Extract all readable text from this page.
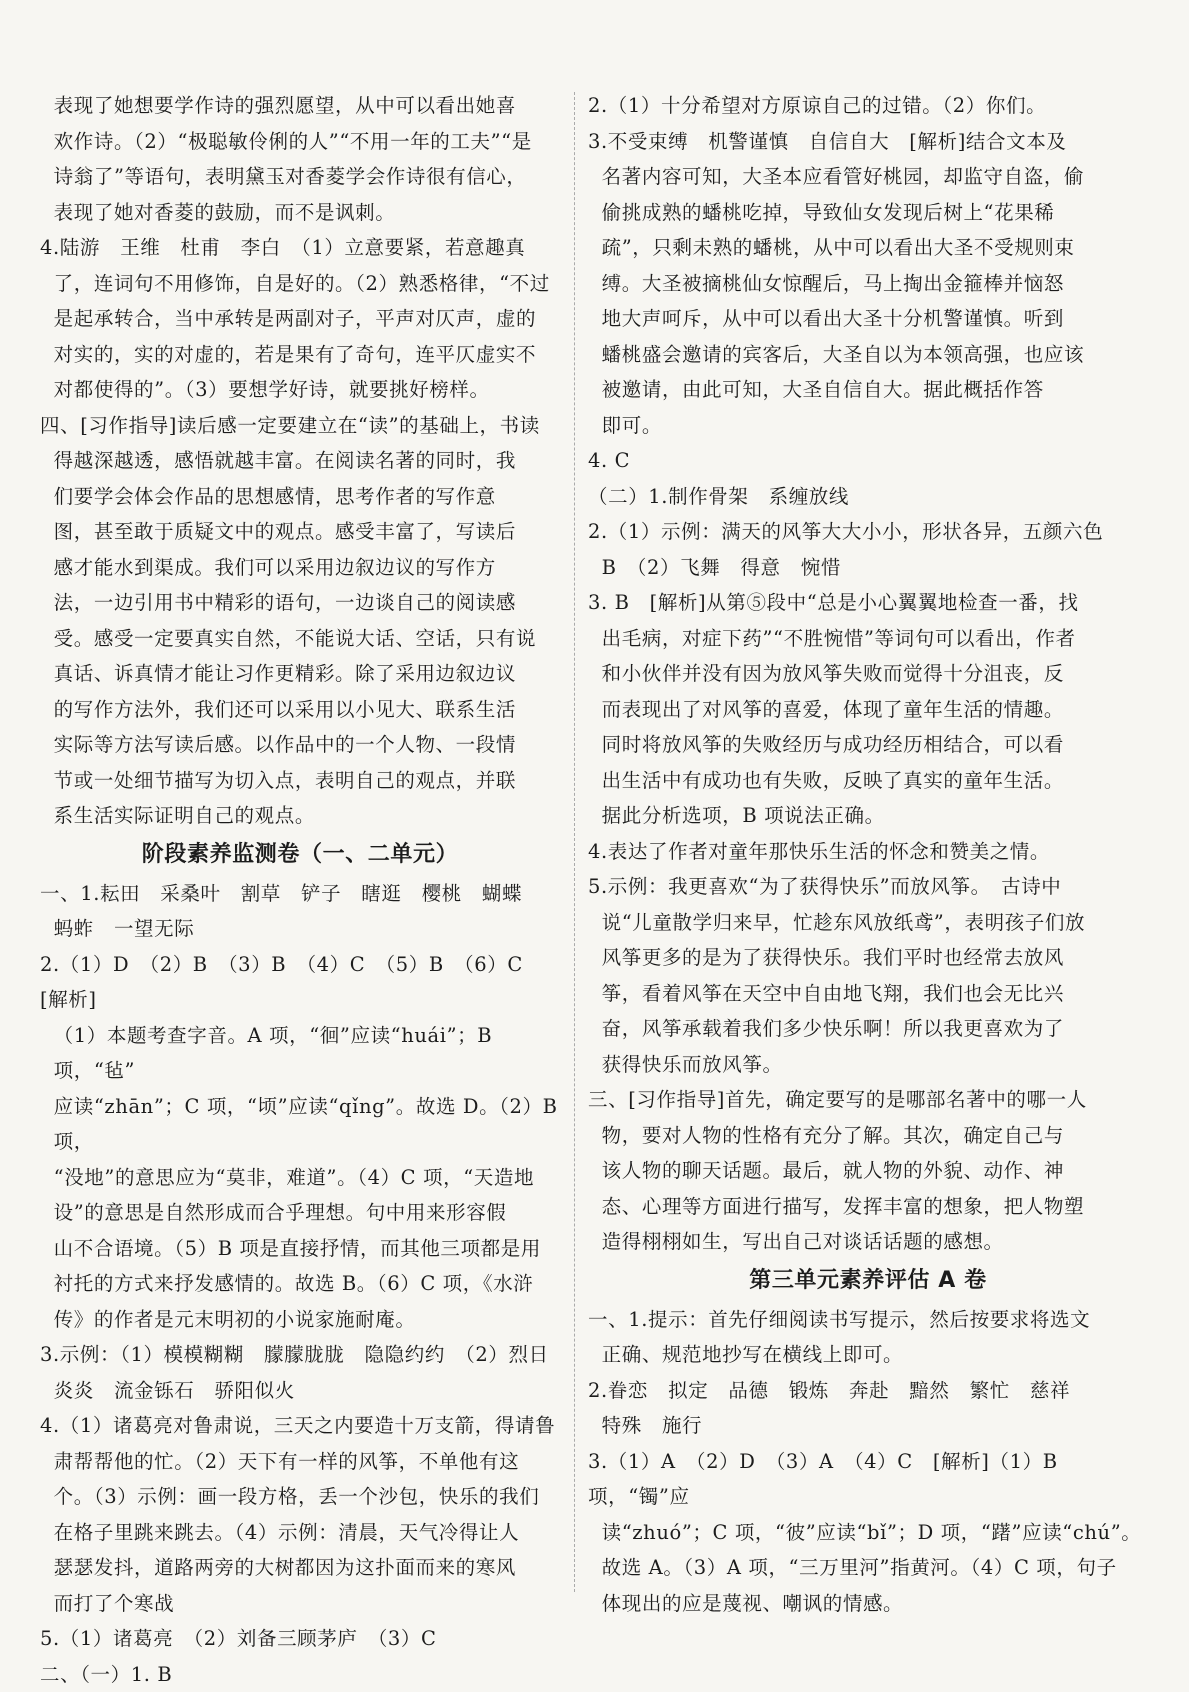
表现了她想要学作诗的强烈愿望，从中可以看出她喜
欢作诗。（2）“极聪敏伶俐的人”“不用一年的工夫”“是
诗翁了”等语句，表明黛玉对香菱学会作诗很有信心，
表现了她对香菱的鼓励，而不是讽刺。
4.陆游　王维　杜甫　李白　（1）立意要紧，若意趣真
了，连词句不用修饰，自是好的。（2）熟悉格律，“不过
是起承转合，当中承转是两副对子，平声对仄声，虚的
对实的，实的对虚的，若是果有了奇句，连平仄虚实不
对都使得的”。（3）要想学好诗，就要挑好榜样。
四、[习作指导]读后感一定要建立在“读”的基础上，书读
得越深越透，感悟就越丰富。在阅读名著的同时，我
们要学会体会作品的思想感情，思考作者的写作意
图，甚至敢于质疑文中的观点。感受丰富了，写读后
感才能水到渠成。我们可以采用边叙边议的写作方
法，一边引用书中精彩的语句，一边谈自己的阅读感
受。感受一定要真实自然，不能说大话、空话，只有说
真话、诉真情才能让习作更精彩。除了采用边叙边议
的写作方法外，我们还可以采用以小见大、联系生活
实际等方法写读后感。以作品中的一个人物、一段情
节或一处细节描写为切入点，表明自己的观点，并联
系生活实际证明自己的观点。
阶段素养监测卷（一、二单元）
一、1.耘田　采桑叶　割草　铲子　瞎逛　樱桃　蝴蝶
蚂蚱　一望无际
2.（1）D　（2）B　（3）B　（4）C　（5）B　（6）C　[解析]
（1）本题考查字音。A 项，“徊”应读“huái”；B 项，“毡”
应读“zhān”；C 项，“顷”应读“qǐng”。故选 D。（2）B 项，
“没地”的意思应为“莫非，难道”。（4）C 项，“天造地
设”的意思是自然形成而合乎理想。句中用来形容假
山不合语境。（5）B 项是直接抒情，而其他三项都是用
衬托的方式来抒发感情的。故选 B。（6）C 项，《水浒
传》的作者是元末明初的小说家施耐庵。
3.示例：（1）模模糊糊　朦朦胧胧　隐隐约约　（2）烈日
炎炎　流金铄石　骄阳似火
4.（1）诸葛亮对鲁肃说，三天之内要造十万支箭，得请鲁
肃帮帮他的忙。（2）天下有一样的风筝，不单他有这
个。（3）示例：画一段方格，丢一个沙包，快乐的我们
在格子里跳来跳去。（4）示例：清晨，天气冷得让人
瑟瑟发抖，道路两旁的大树都因为这扑面而来的寒风
而打了个寒战
5.（1）诸葛亮　（2）刘备三顾茅庐　（3）C
二、（一）1. B
2.（1）十分希望对方原谅自己的过错。（2）你们。
3.不受束缚　机警谨慎　自信自大　[解析]结合文本及
名著内容可知，大圣本应看管好桃园，却监守自盗，偷
偷挑成熟的蟠桃吃掉，导致仙女发现后树上“花果稀
疏”，只剩未熟的蟠桃，从中可以看出大圣不受规则束
缚。大圣被摘桃仙女惊醒后，马上掏出金箍棒并恼怒
地大声呵斥，从中可以看出大圣十分机警谨慎。听到
蟠桃盛会邀请的宾客后，大圣自以为本领高强，也应该
被邀请，由此可知，大圣自信自大。据此概括作答
即可。
4. C
（二）1.制作骨架　系缠放线
2.（1）示例：满天的风筝大大小小，形状各异，五颜六色
B　（2）飞舞　得意　惋惜
3. B　[解析]从第⑤段中“总是小心翼翼地检查一番，找
出毛病，对症下药”“不胜惋惜”等词句可以看出，作者
和小伙伴并没有因为放风筝失败而觉得十分沮丧，反
而表现出了对风筝的喜爱，体现了童年生活的情趣。
同时将放风筝的失败经历与成功经历相结合，可以看
出生活中有成功也有失败，反映了真实的童年生活。
据此分析选项，B 项说法正确。
4.表达了作者对童年那快乐生活的怀念和赞美之情。
5.示例：我更喜欢“为了获得快乐”而放风筝。　古诗中
说“儿童散学归来早，忙趁东风放纸鸢”，表明孩子们放
风筝更多的是为了获得快乐。我们平时也经常去放风
筝，看着风筝在天空中自由地飞翔，我们也会无比兴
奋，风筝承载着我们多少快乐啊！所以我更喜欢为了
获得快乐而放风筝。
三、[习作指导]首先，确定要写的是哪部名著中的哪一人
物，要对人物的性格有充分了解。其次，确定自己与
该人物的聊天话题。最后，就人物的外貌、动作、神
态、心理等方面进行描写，发挥丰富的想象，把人物塑
造得栩栩如生，写出自己对谈话话题的感想。
第三单元素养评估 A 卷
一、1.提示：首先仔细阅读书写提示，然后按要求将选文
正确、规范地抄写在横线上即可。
2.眷恋　拟定　品德　锻炼　奔赴　黯然　繁忙　慈祥
特殊　施行
3.（1）A　（2）D　（3）A　（4）C　[解析]（1）B 项，“镯”应
读“zhuó”；C 项，“彼”应读“bǐ”；D 项，“躇”应读“chú”。
故选 A。（3）A 项，“三万里河”指黄河。（4）C 项，句子
体现出的应是蔑视、嘲讽的情感。
